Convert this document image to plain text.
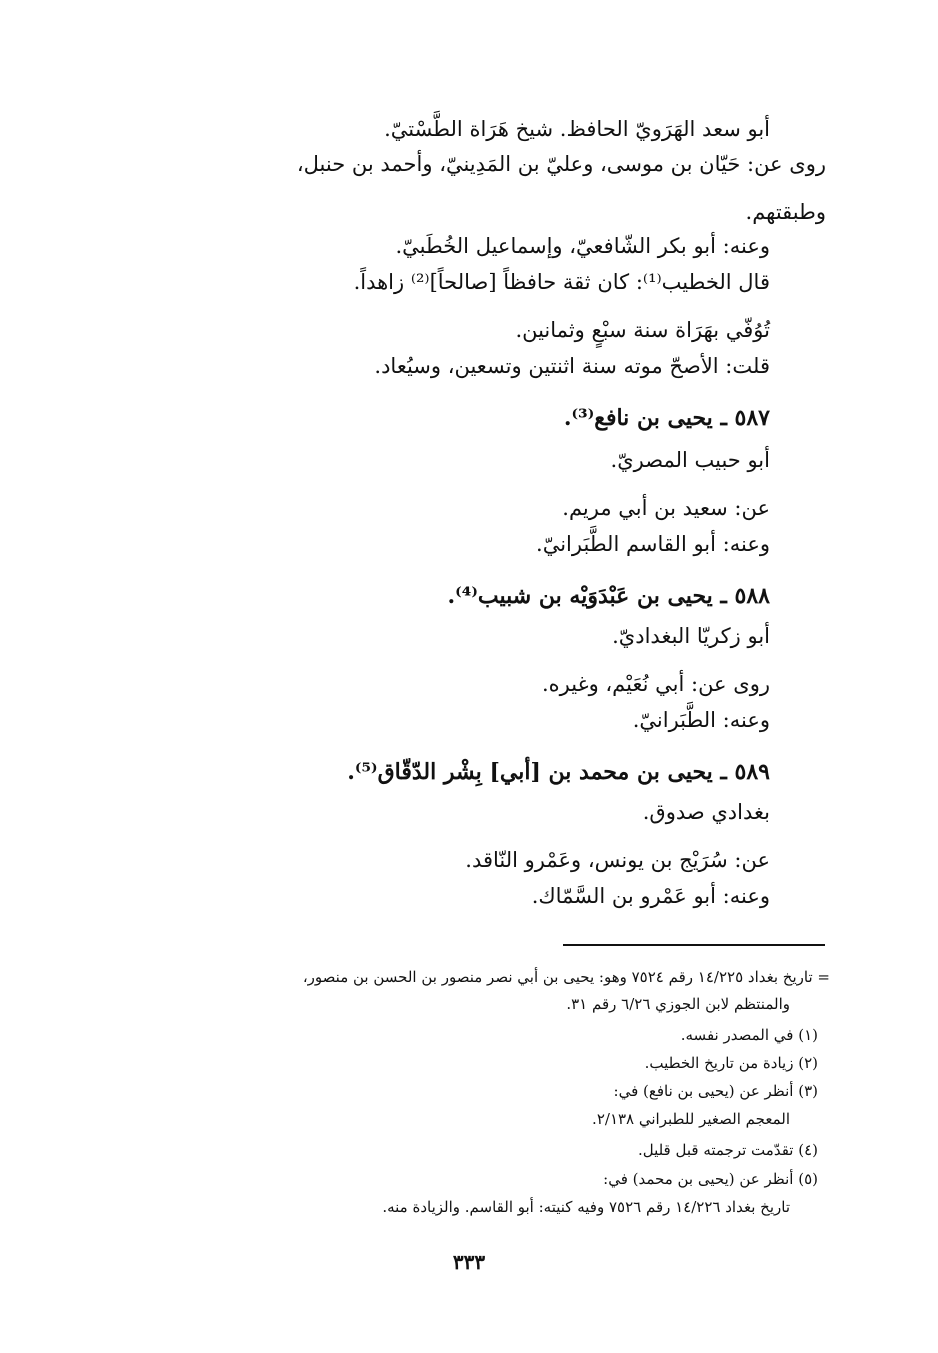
أبو سعد الهَرَويّ الحافظ. شيخ هَرَاة الطَّسْتيّ.
روى عن: حَيّان بن موسى، وعليّ بن المَدِينيّ، وأحمد بن حنبل،
وطبقتهم.
وعنه: أبو بكر الشّافعيّ، وإسماعيل الخُطَبيّ.
قال الخطيب⁽¹⁾: كان ثقة حافظاً [صالحاً]⁽²⁾ زاهداً.
تُوُفّي بهَرَاة سنة سبْعٍ وثمانين.
قلت: الأصحّ موته سنة اثنتين وتسعين، وسيُعاد.
٥٨٧ ـ يحيى بن نافع⁽³⁾.
أبو حبيب المصريّ.
عن: سعيد بن أبي مريم.
وعنه: أبو القاسم الطَّبَرانيّ.
٥٨٨ ـ يحيى بن عَبْدَوَيْه بن شبيب⁽⁴⁾.
أبو زكريّا البغداديّ.
روى عن: أبي نُعَيْم، وغيره.
وعنه: الطَّبَرانيّ.
٥٨٩ ـ يحيى بن محمد بن [أبي] بِشْر الدّقّاق⁽⁵⁾.
بغدادي صدوق.
عن: سُرَيْج بن يونس، وعَمْرو النّاقد.
وعنه: أبو عَمْرو بن السَّمّاك.
= تاريخ بغداد ١٤/٢٢٥ رقم ٧٥٢٤ وهو: يحيى بن أبي نصر منصور بن الحسن بن منصور،
والمنتظم لابن الجوزي ٦/٢٦ رقم ٣١.
(١) في المصدر نفسه.
(٢) زيادة من تاريخ الخطيب.
(٣) أنظر عن (يحيى بن نافع) في:
المعجم الصغير للطبراني ٢/١٣٨.
(٤) تقدّمت ترجمته قبل قليل.
(٥) أنظر عن (يحيى بن محمد) في:
تاريخ بغداد ١٤/٢٢٦ رقم ٧٥٢٦ وفيه كنيته: أبو القاسم. والزيادة منه.
٣٣٣
